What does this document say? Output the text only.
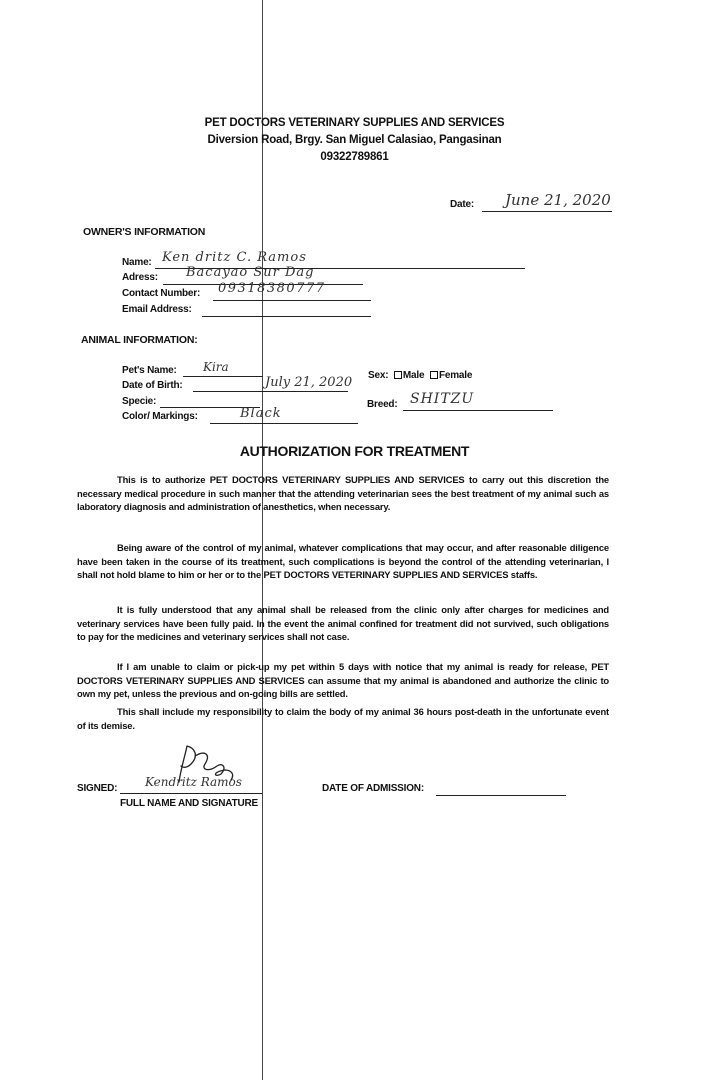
PET DOCTORS VETERINARY SUPPLIES AND SERVICES
Diversion Road, Brgy. San Miguel Calasiao, Pangasinan
09322789861
Date: June 21, 2020
OWNER'S INFORMATION
Name: Ken dritz C. Ramos
Adress: Bacayao Sur Dag
Contact Number: 09318380777
Email Address:
ANIMAL INFORMATION:
Pet's Name: Kira
Date of Birth:	July 21, 2020
Specie:
Color/ Markings:	Black
Sex: Male Female
Breed: SHITZU
AUTHORIZATION FOR TREATMENT
This is to authorize PET DOCTORS VETERINARY SUPPLIES AND SERVICES to carry out this discretion the necessary medical procedure in such manner that the attending veterinarian sees the best treatment of my animal such as laboratory diagnosis and administration of anesthetics, when necessary.
Being aware of the control of my animal, whatever complications that may occur, and after reasonable diligence have been taken in the course of its treatment, such complications is beyond the control of the attending veterinarian, I shall not hold blame to him or her or to the PET DOCTORS VETERINARY SUPPLIES AND SERVICES staffs.
It is fully understood that any animal shall be released from the clinic only after charges for medicines and veterinary services have been fully paid. In the event the animal confined for treatment did not survived, such obligations to pay for the medicines and veterinary services shall not case.
If I am unable to claim or pick-up my pet within 5 days with notice that my animal is ready for release, PET DOCTORS VETERINARY SUPPLIES AND SERVICES can assume that my animal is abandoned and authorize the clinic to own my pet, unless the previous and on-going bills are settled.
This shall include my responsibility to claim the body of my animal 36 hours post-death in the unfortunate event of its demise.
SIGNED: Kendritz Ramos
FULL NAME AND SIGNATURE
DATE OF ADMISSION:
